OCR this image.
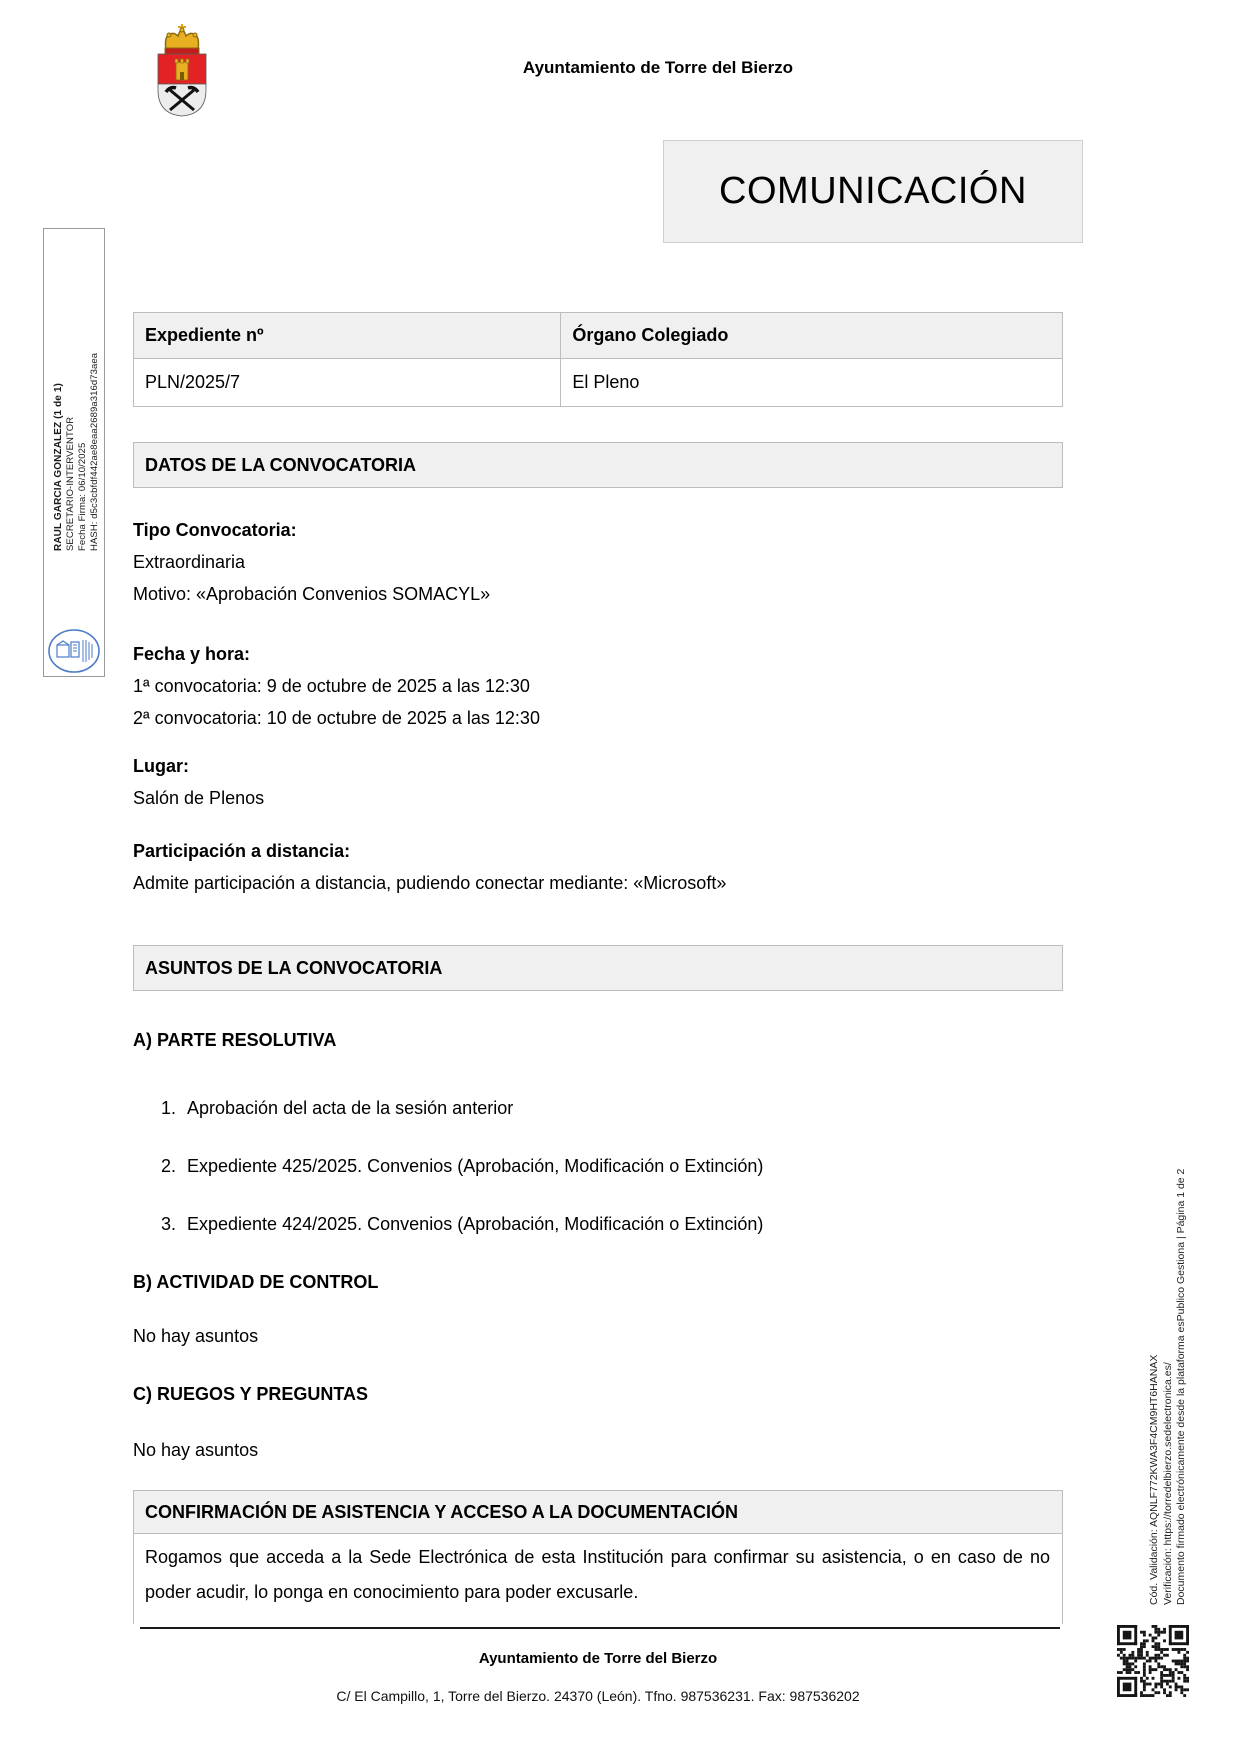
Ayuntamiento de Torre del Bierzo
COMUNICACIÓN
Expediente nº	Órgano Colegiado
PLN/2025/7	El Pleno
DATOS DE LA CONVOCATORIA

Tipo Convocatoria:

Extraordinaria

Motivo: «Aprobación Convenios SOMACYL»

Fecha y hora:

1ª convocatoria: 9 de octubre de 2025 a las 12:30

2ª convocatoria: 10 de octubre de 2025 a las 12:30

Lugar:

Salón de Plenos

Participación a distancia:

Admite participación a distancia, pudiendo conectar mediante: «Microsoft»

ASUNTOS DE LA CONVOCATORIA

A) PARTE RESOLUTIVA

1. Aprobación del acta de la sesión anterior
2. Expediente 425/2025. Convenios (Aprobación, Modificación o Extinción)
3. Expediente 424/2025. Convenios (Aprobación, Modificación o Extinción)

B) ACTIVIDAD DE CONTROL

No hay asuntos

C) RUEGOS Y PREGUNTAS

No hay asuntos

CONFIRMACIÓN DE ASISTENCIA Y ACCESO A LA DOCUMENTACIÓN
Rogamos que acceda a la Sede Electrónica de esta Institución para confirmar su asistencia, o en caso de no poder acudir, lo ponga en conocimiento para poder excusarle.
Ayuntamiento de Torre del Bierzo
C/ El Campillo, 1, Torre del Bierzo. 24370 (León). Tfno. 987536231. Fax: 987536202
RAUL GARCIA GONZALEZ (1 de 1) SECRETARIO-INTERVENTOR Fecha Firma: 06/10/2025 HASH: d5c3cbfdf442ae8eaa2689a316d73aea
Cód. Validación: AQNLF772KWA3F4CM9HT6HANAX Verificación: https://torredelbierzo.sedelectronica.es/ Documento firmado electrónicamente desde la plataforma esPublico Gestiona | Página 1 de 2
